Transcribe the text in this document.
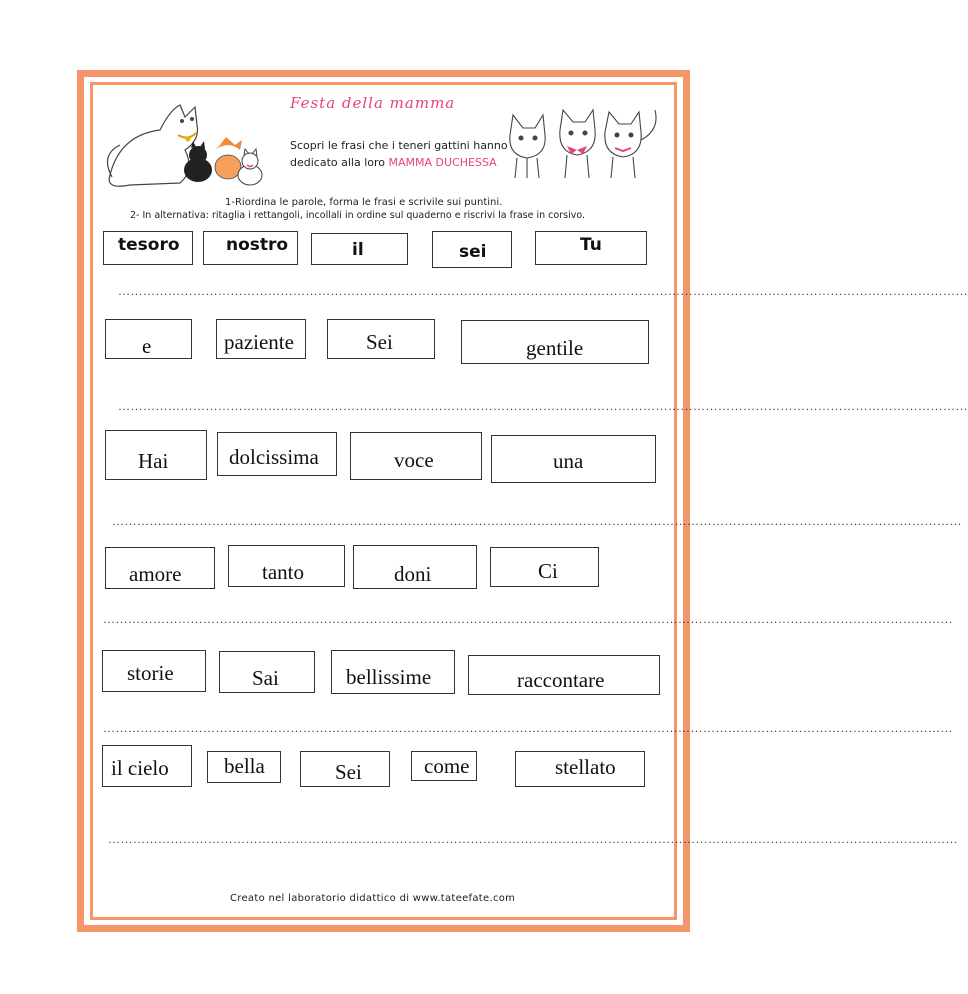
Festa della mamma
Scopri le frasi che i teneri gattini hanno
dedicato alla loro MAMMA DUCHESSA
1-Riordina le parole, forma le frasi e scrivile sui puntini.
2- In alternativa: ritaglia i rettangoli, incollali in ordine sul quaderno e riscrivi la frase in corsivo.
tesoro	nostro	il	sei	Tu
……………………………………………………………………………………………………………………………………………………………………………………
e	paziente	Sei	gentile
……………………………………………………………………………………………………………………………………………………………………………………
Hai	dolcissima	voce	una
……………………………………………………………………………………………………………………………………………………………………………………
amore	tanto	doni	Ci
……………………………………………………………………………………………………………………………………………………………………………………
storie	Sai	bellissime	raccontare
……………………………………………………………………………………………………………………………………………………………………………………
il cielo	bella	Sei	come	stellato
……………………………………………………………………………………………………………………………………………………………………………………
Creato nel laboratorio didattico di www.tateefate.com
